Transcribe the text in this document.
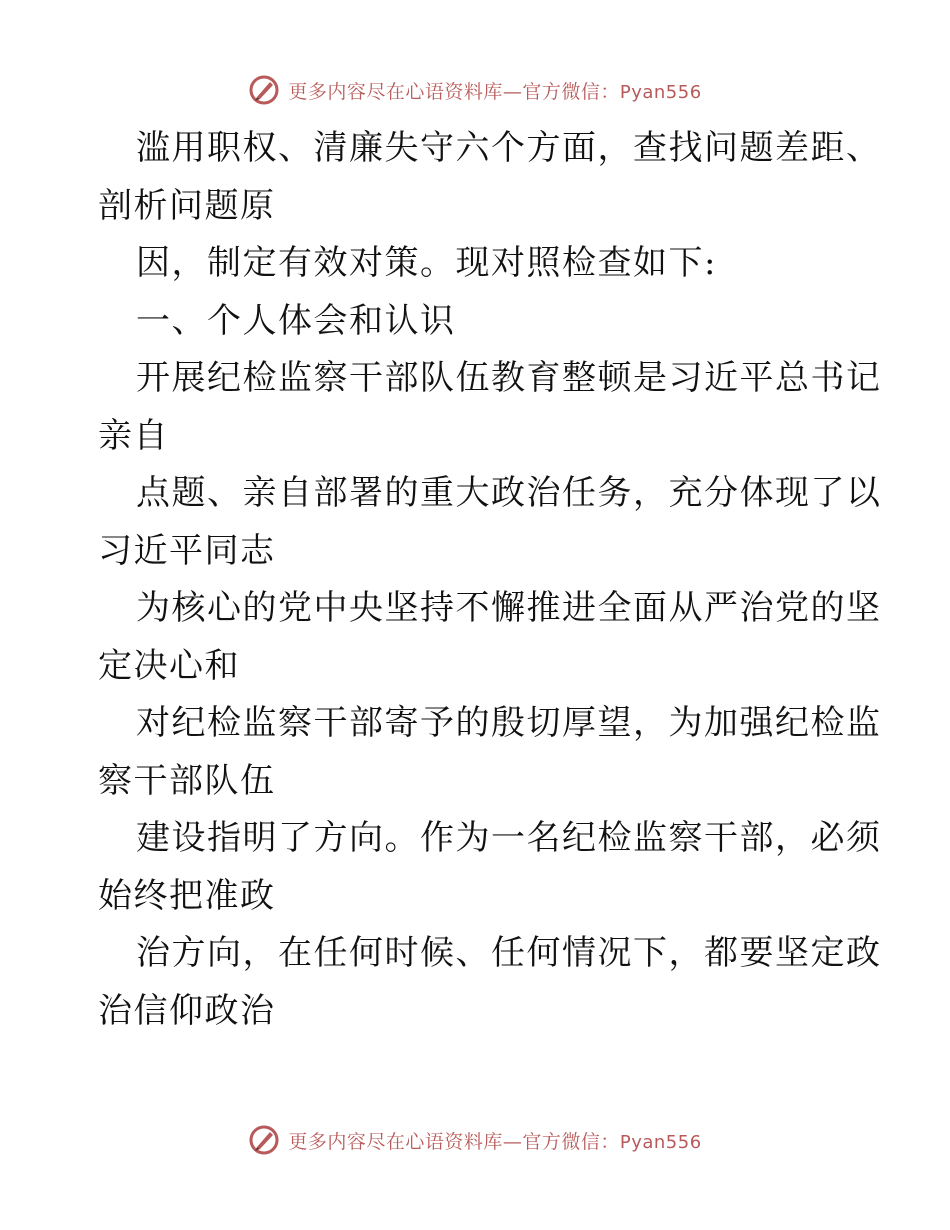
更多内容尽在心语资料库—官方微信：Pyan556
滥用职权、清廉失守六个方面，查找问题差距、
剖析问题原
因，制定有效对策。现对照检查如下:
一、个人体会和认识
开展纪检监察干部队伍教育整顿是习近平总书记
亲自
点题、亲自部署的重大政治任务，充分体现了以
习近平同志
为核心的党中央坚持不懈推进全面从严治党的坚
定决心和
对纪检监察干部寄予的殷切厚望，为加强纪检监
察干部队伍
建设指明了方向。作为一名纪检监察干部，必须
始终把准政
治方向，在任何时候、任何情况下，都要坚定政
治信仰政治
更多内容尽在心语资料库—官方微信：Pyan556
